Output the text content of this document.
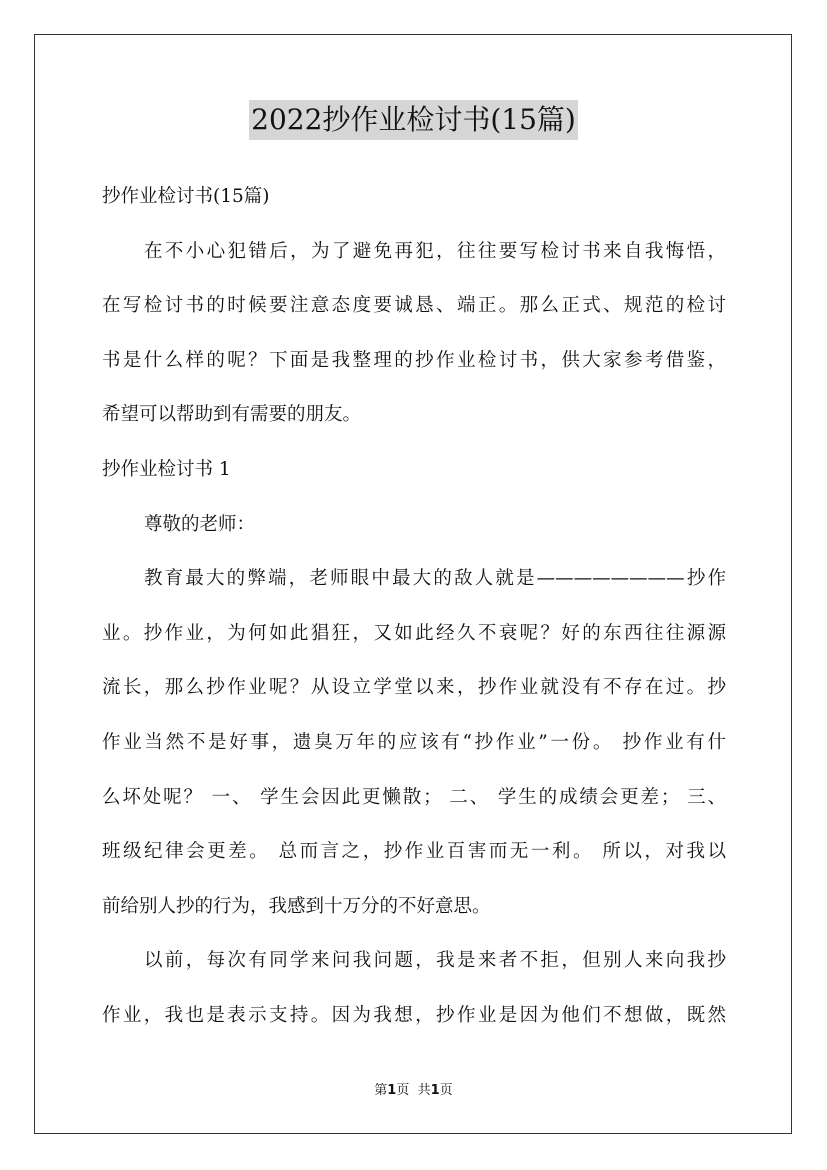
2022抄作业检讨书(15篇)
抄作业检讨书(15篇)
在不小心犯错后，为了避免再犯，往往要写检讨书来自我悔悟，
在写检讨书的时候要注意态度要诚恳、端正。那么正式、规范的检讨
书是什么样的呢？下面是我整理的抄作业检讨书，供大家参考借鉴，
希望可以帮助到有需要的朋友。
抄作业检讨书 1
尊敬的老师：
教育最大的弊端，老师眼中最大的敌人就是————————抄作
业。抄作业，为何如此猖狂，又如此经久不衰呢？好的东西往往源源
流长，那么抄作业呢？从设立学堂以来，抄作业就没有不存在过。抄
作业当然不是好事，遗臭万年的应该有“抄作业”一份。 抄作业有什
么坏处呢？ 一、 学生会因此更懒散； 二、 学生的成绩会更差； 三、
班级纪律会更差。 总而言之，抄作业百害而无一利。 所以，对我以
前给别人抄的行为，我感到十万分的不好意思。
以前，每次有同学来问我问题，我是来者不拒，但别人来向我抄
作业，我也是表示支持。因为我想，抄作业是因为他们不想做，既然
第1页 共1页
